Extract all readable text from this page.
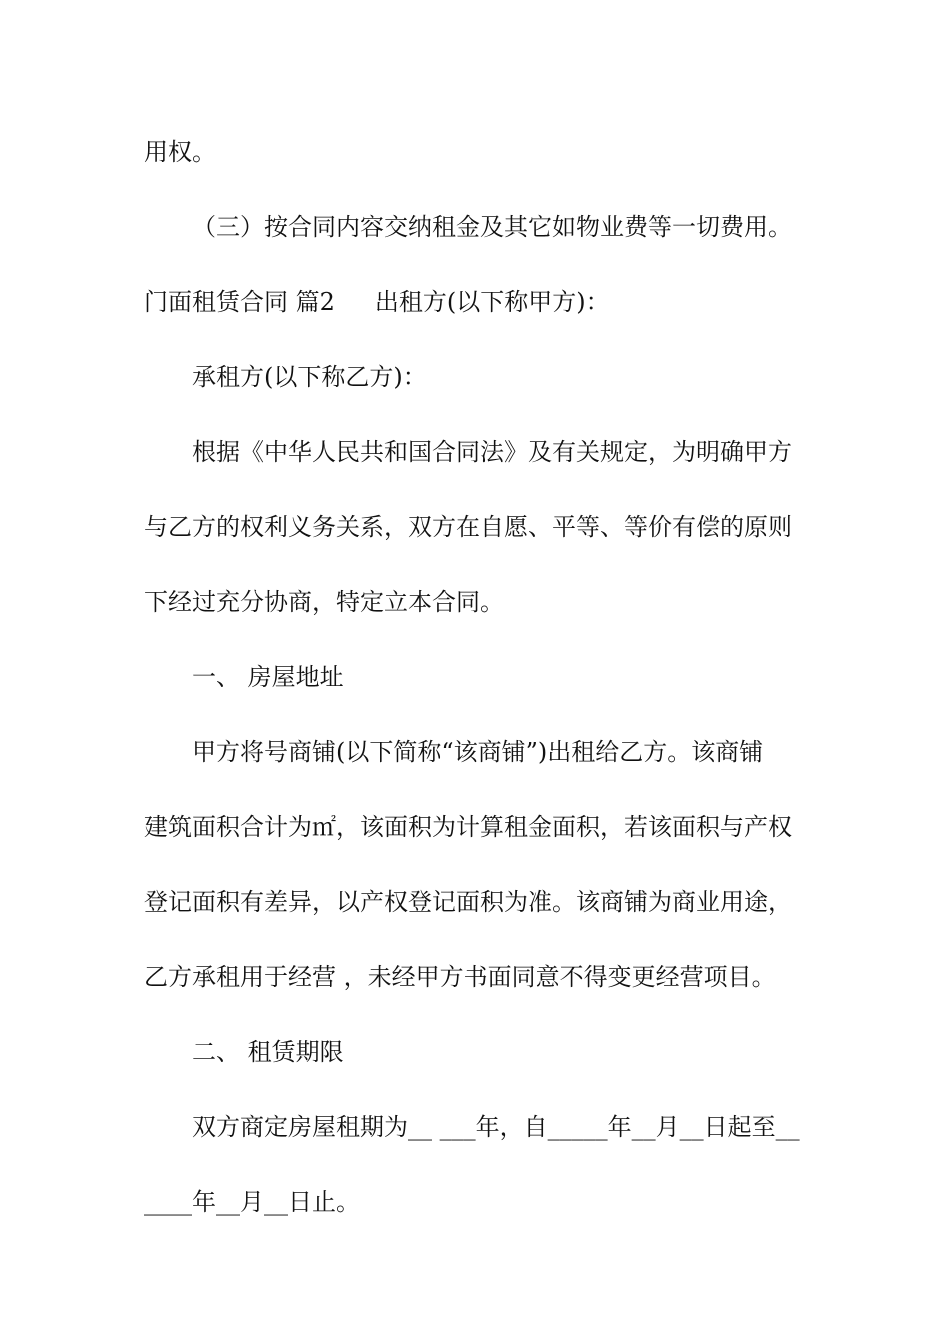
用权。
（三）按合同内容交纳租金及其它如物业费等一切费用。
门面租赁合同 篇2 出租方(以下称甲方)：
承租方(以下称乙方)：
根据《中华人民共和国合同法》及有关规定，为明确甲方
与乙方的权利义务关系，双方在自愿、平等、等价有偿的原则
下经过充分协商，特定立本合同。
一、 房屋地址
甲方将号商铺(以下简称“该商铺”)出租给乙方。该商铺
建筑面积合计为㎡，该面积为计算租金面积，若该面积与产权
登记面积有差异，以产权登记面积为准。该商铺为商业用途，
乙方承租用于经营 ，未经甲方书面同意不得变更经营项目。
二、 租赁期限
双方商定房屋租期为__ ___年，自_____年__月__日起至__
____年__月__日止。
